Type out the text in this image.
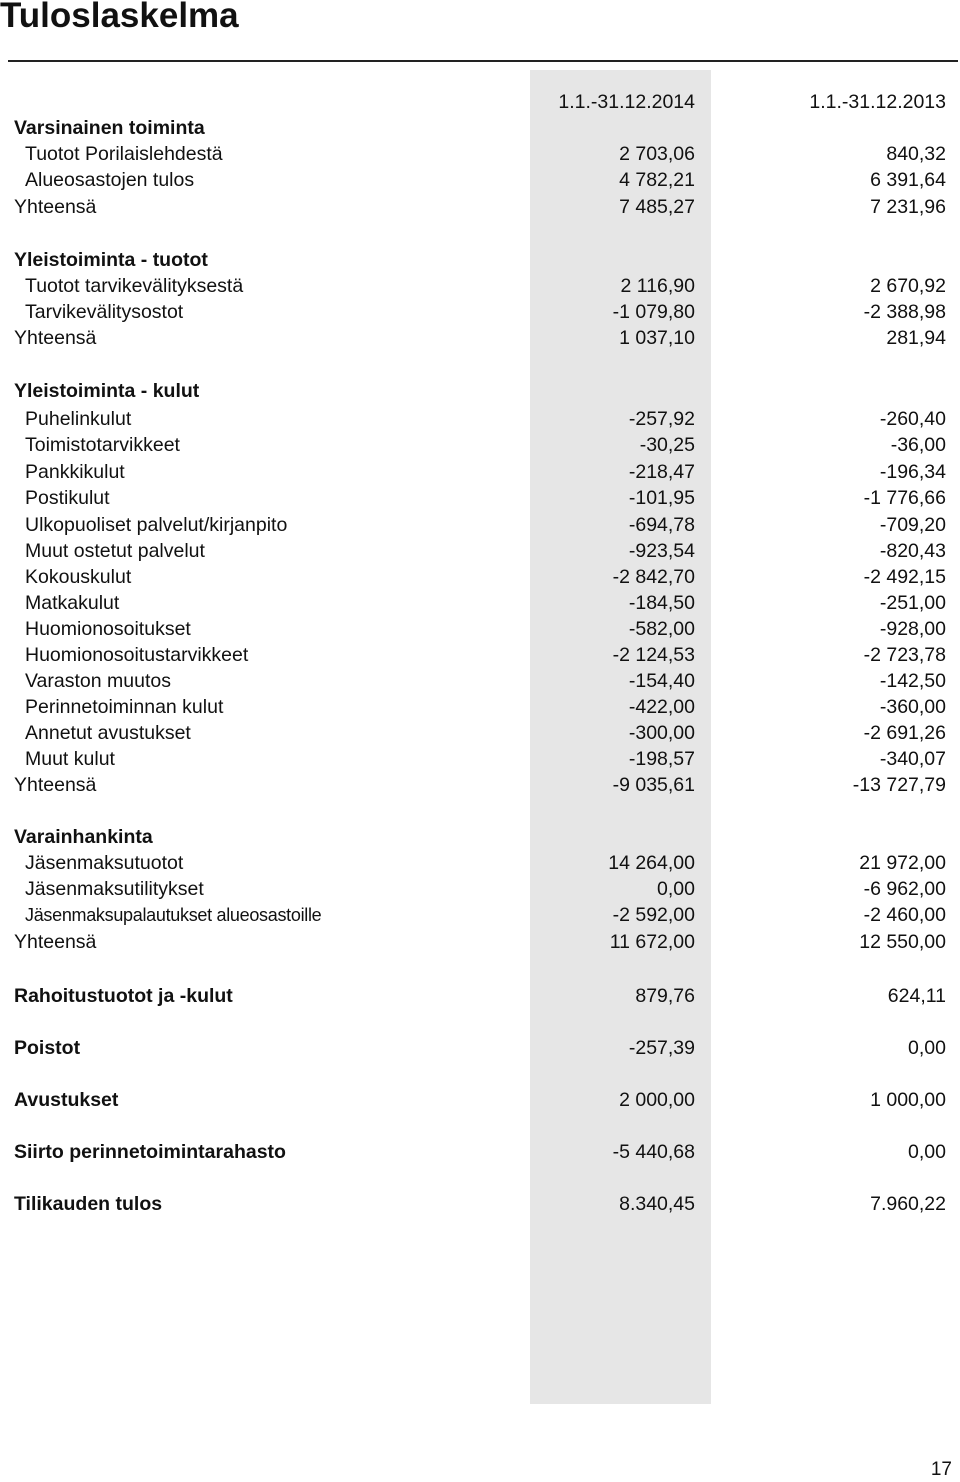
Tuloslaskelma
1.1.-31.12.2014	1.1.-31.12.2013
Varsinainen toiminta
Tuotot Porilaislehdestä	2 703,06	840,32
Alueosastojen tulos	4 782,21	6 391,64
Yhteensä	7 485,27	7 231,96
Yleistoiminta - tuotot
Tuotot tarvikevälityksestä	2 116,90	2 670,92
Tarvikevälitysostot	-1 079,80	-2 388,98
Yhteensä	1 037,10	281,94
Yleistoiminta - kulut
Puhelinkulut	-257,92	-260,40
Toimistotarvikkeet	-30,25	-36,00
Pankkikulut	-218,47	-196,34
Postikulut	-101,95	-1 776,66
Ulkopuoliset palvelut/kirjanpito	-694,78	-709,20
Muut ostetut palvelut	-923,54	-820,43
Kokouskulut	-2 842,70	-2 492,15
Matkakulut	-184,50	-251,00
Huomionosoitukset	-582,00	-928,00
Huomionosoitustarvikkeet	-2 124,53	-2 723,78
Varaston muutos	-154,40	-142,50
Perinnetoiminnan kulut	-422,00	-360,00
Annetut avustukset	-300,00	-2 691,26
Muut kulut	-198,57	-340,07
Yhteensä	-9 035,61	-13 727,79
Varainhankinta
Jäsenmaksutuotot	14 264,00	21 972,00
Jäsenmaksutilitykset	0,00	-6 962,00
Jäsenmaksupalautukset alueosastoille	-2 592,00	-2 460,00
Yhteensä	11 672,00	12 550,00
Rahoitustuotot ja -kulut	879,76	624,11
Poistot	-257,39	0,00
Avustukset	2 000,00	1 000,00
Siirto perinnetoimintarahasto	-5 440,68	0,00
Tilikauden tulos	8.340,45	7.960,22
17
